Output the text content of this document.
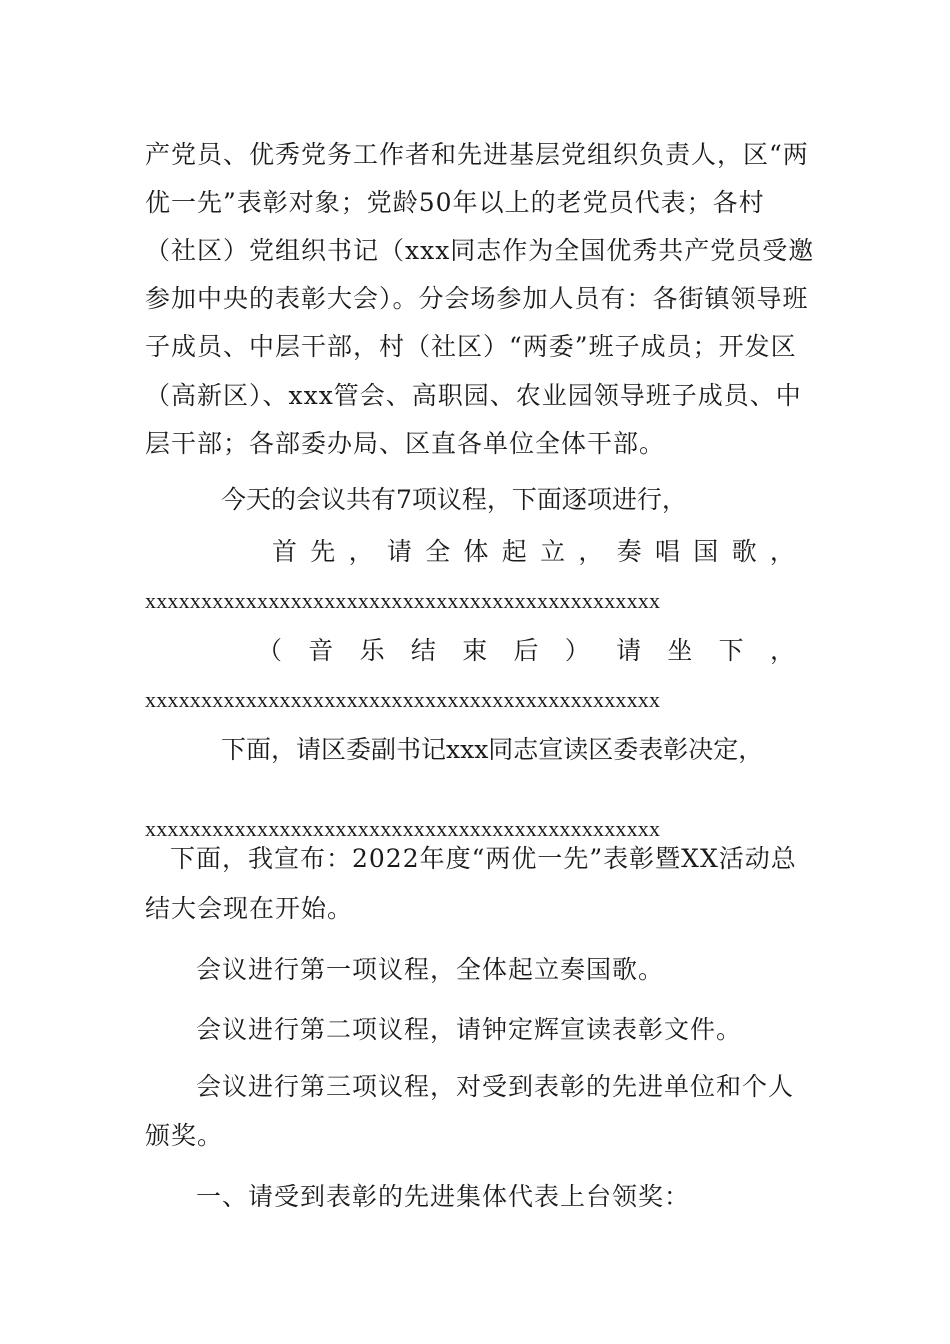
产党员、优秀党务工作者和先进基层党组织负责人，区“两
优一先”表彰对象；党龄50年以上的老党员代表；各村
（社区）党组织书记（xxx同志作为全国优秀共产党员受邀
参加中央的表彰大会）。分会场参加人员有：各街镇领导班
子成员、中层干部，村（社区）“两委”班子成员；开发区
（高新区）、xxx管会、高职园、农业园领导班子成员、中
层干部；各部委办局、区直各单位全体干部。
今天的会议共有7项议程，下面逐项进行，
首 先 ， 请 全 体 起 立 ， 奏 唱 国 歌 ，
xxxxxxxxxxxxxxxxxxxxxxxxxxxxxxxxxxxxxxxxxxxxxx
（ 音 乐 结 束 后 ） 请 坐 下 ，
xxxxxxxxxxxxxxxxxxxxxxxxxxxxxxxxxxxxxxxxxxxxxx
下面，请区委副书记xxx同志宣读区委表彰决定，
xxxxxxxxxxxxxxxxxxxxxxxxxxxxxxxxxxxxxxxxxxxxxx
下面，我宣布：2022年度“两优一先”表彰暨XX活动总
结大会现在开始。
会议进行第一项议程，全体起立奏国歌。
会议进行第二项议程，请钟定辉宣读表彰文件。
会议进行第三项议程，对受到表彰的先进单位和个人
颁奖。
一、请受到表彰的先进集体代表上台领奖：
